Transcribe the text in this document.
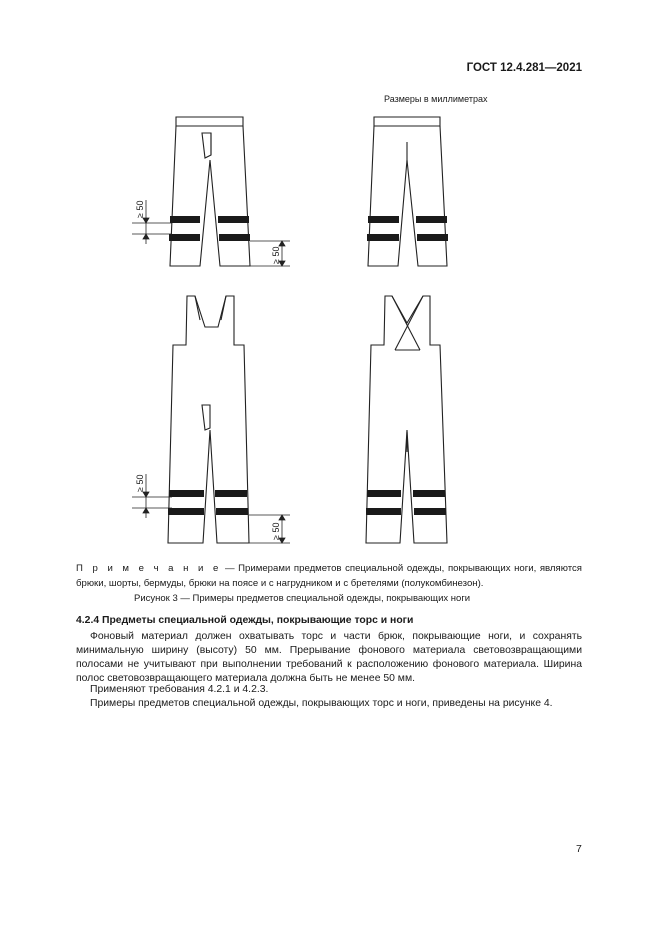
ГОСТ 12.4.281—2021
Размеры в миллиметрах
≥ 50
≥ 50
≥ 50
≥ 50
П р и м е ч а н и е — Примерами предметов специальной одежды, покрывающих ноги, являются брюки, шорты, бермуды, брюки на поясе и с нагрудником и с бретелями (полукомбинезон).
Рисунок 3 — Примеры предметов специальной одежды, покрывающих ноги
4.2.4 Предметы специальной одежды, покрывающие торс и ноги
Фоновый материал должен охватывать торс и части брюк, покрывающие ноги, и сохранять минимальную ширину (высоту) 50 мм. Прерывание фонового материала световозвращающими полосами не учитывают при выполнении требований к расположению фонового материала. Ширина полос световозвращающего материала должна быть не менее 50 мм.
Применяют требования 4.2.1 и 4.2.3.
Примеры предметов специальной одежды, покрывающих торс и ноги, приведены на рисунке 4.
7
